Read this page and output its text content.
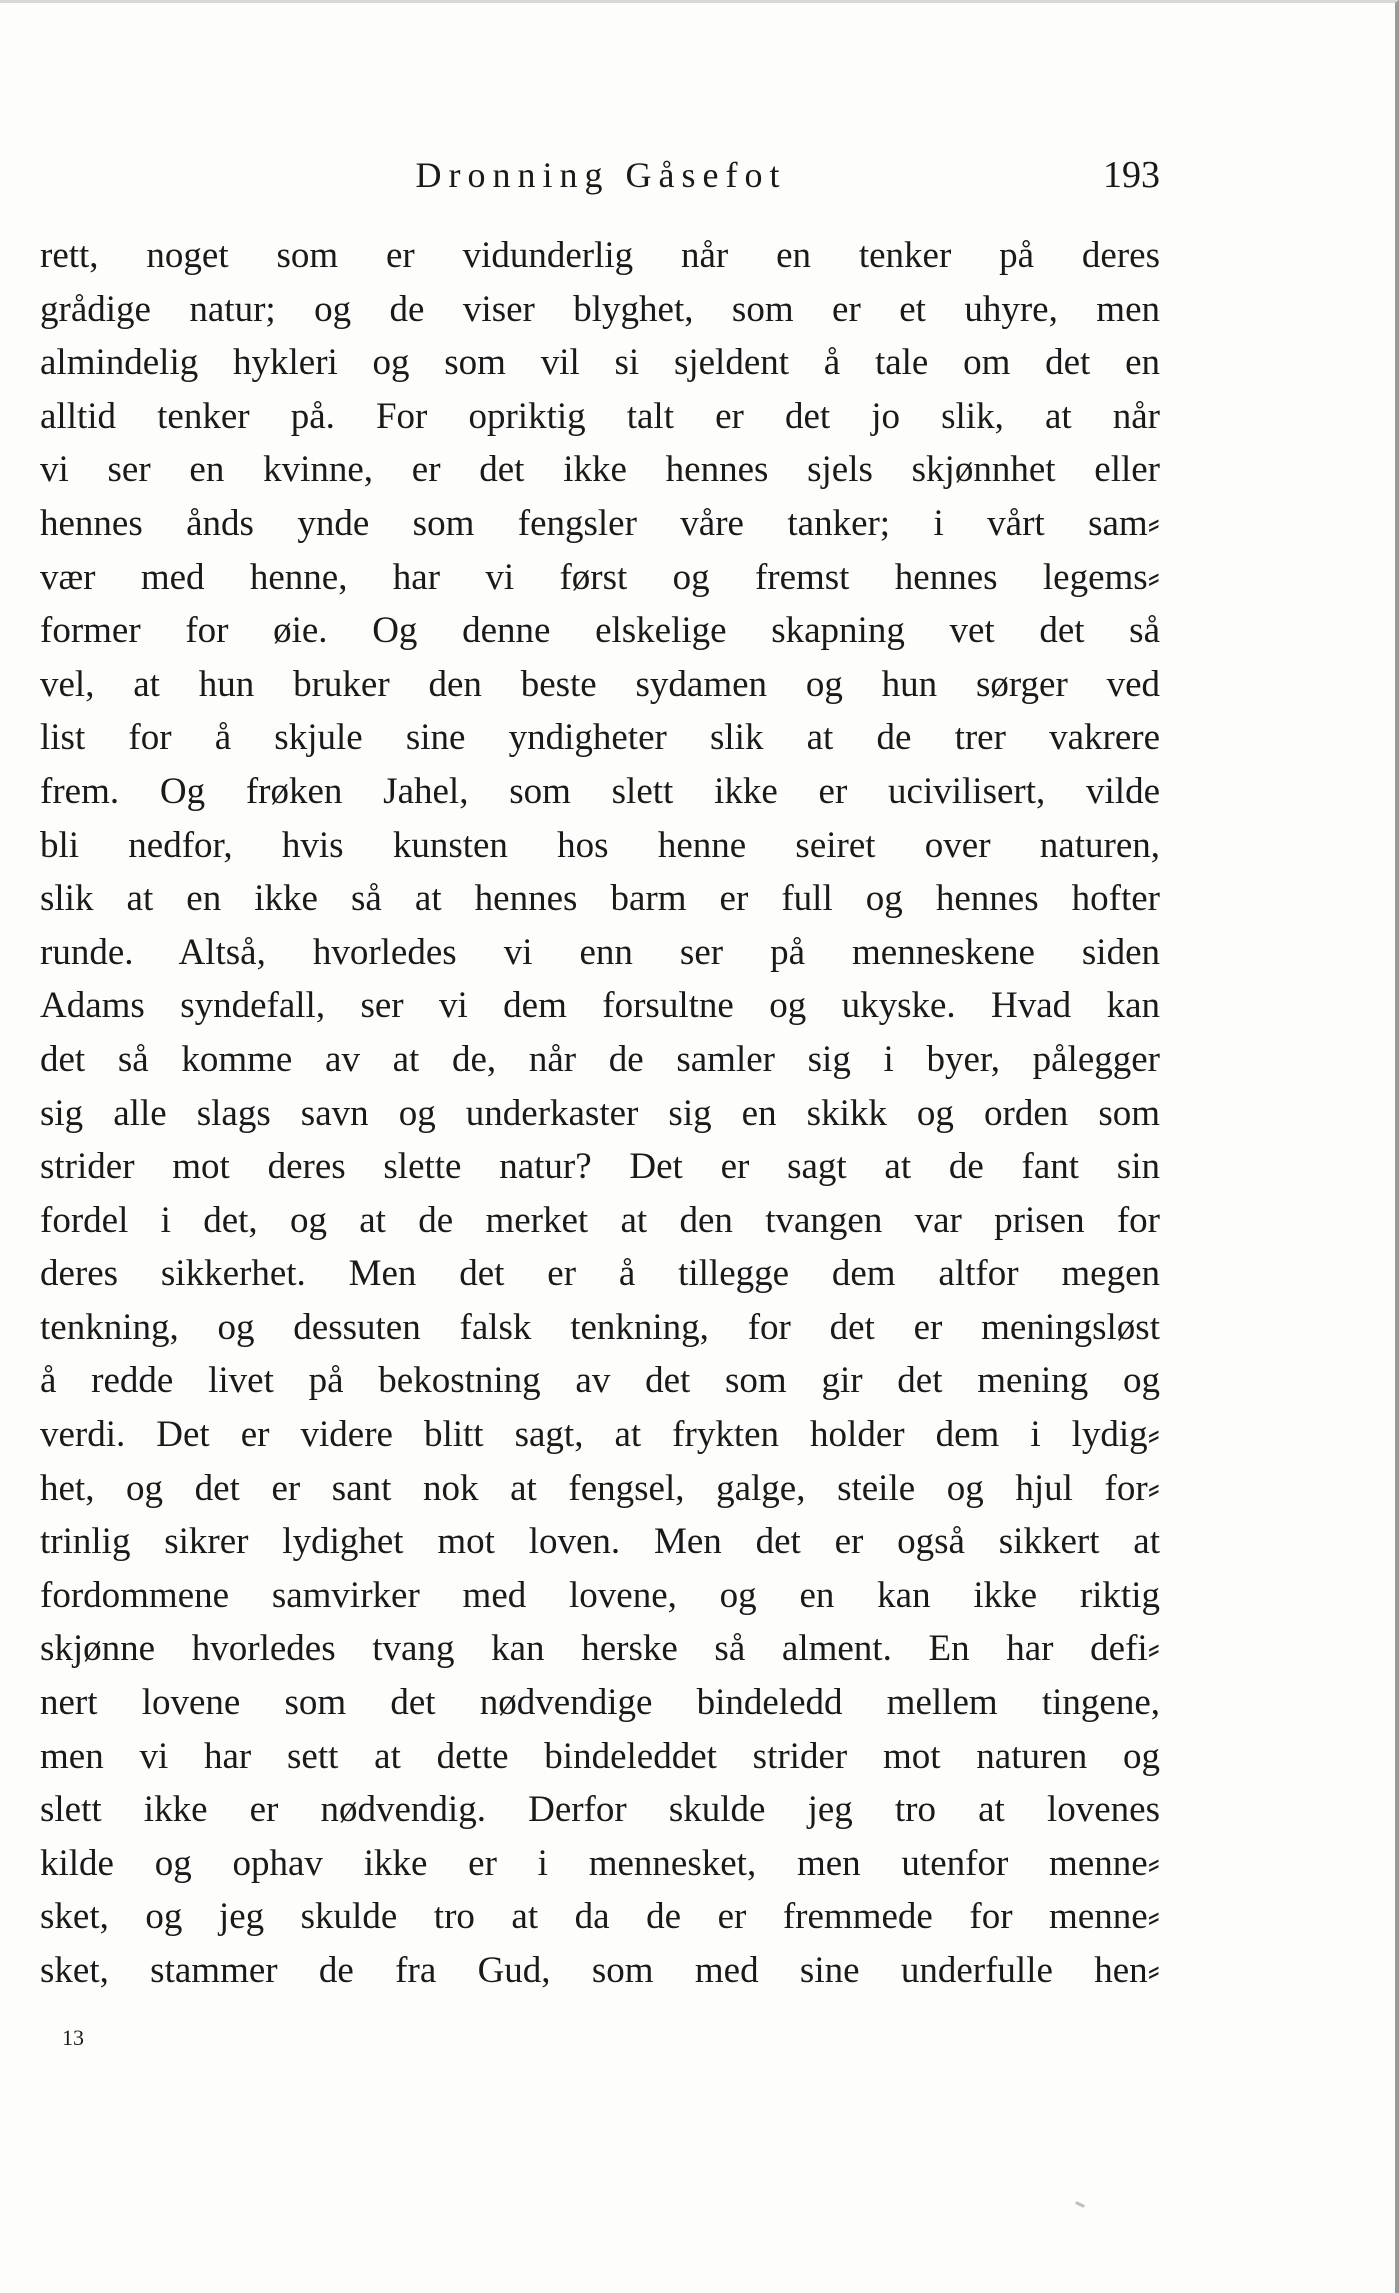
Dronning Gåsefot	193
rett, noget som er vidunderlig når en tenker på deres
grådige natur; og de viser blyghet, som er et uhyre, men
almindelig hykleri og som vil si sjeldent å tale om det en
alltid tenker på. For opriktig talt er det jo slik, at når
vi ser en kvinne, er det ikke hennes sjels skjønnhet eller
hennes ånds ynde som fengsler våre tanker; i vårt sam⸗
vær med henne, har vi først og fremst hennes legems⸗
former for øie. Og denne elskelige skapning vet det så
vel, at hun bruker den beste sydamen og hun sørger ved
list for å skjule sine yndigheter slik at de trer vakrere
frem. Og frøken Jahel, som slett ikke er ucivilisert, vilde
bli nedfor, hvis kunsten hos henne seiret over naturen,
slik at en ikke så at hennes barm er full og hennes hofter
runde. Altså, hvorledes vi enn ser på menneskene siden
Adams syndefall, ser vi dem forsultne og ukyske. Hvad kan
det så komme av at de, når de samler sig i byer, pålegger
sig alle slags savn og underkaster sig en skikk og orden som
strider mot deres slette natur? Det er sagt at de fant sin
fordel i det, og at de merket at den tvangen var prisen for
deres sikkerhet. Men det er å tillegge dem altfor megen
tenkning, og dessuten falsk tenkning, for det er meningsløst
å redde livet på bekostning av det som gir det mening og
verdi. Det er videre blitt sagt, at frykten holder dem i lydig⸗
het, og det er sant nok at fengsel, galge, steile og hjul for⸗
trinlig sikrer lydighet mot loven. Men det er også sikkert at
fordommene samvirker med lovene, og en kan ikke riktig
skjønne hvorledes tvang kan herske så alment. En har defi⸗
nert lovene som det nødvendige bindeledd mellem tingene,
men vi har sett at dette bindeleddet strider mot naturen og
slett ikke er nødvendig. Derfor skulde jeg tro at lovenes
kilde og ophav ikke er i mennesket, men utenfor menne⸗
sket, og jeg skulde tro at da de er fremmede for menne⸗
sket, stammer de fra Gud, som med sine underfulle hen⸗
13
